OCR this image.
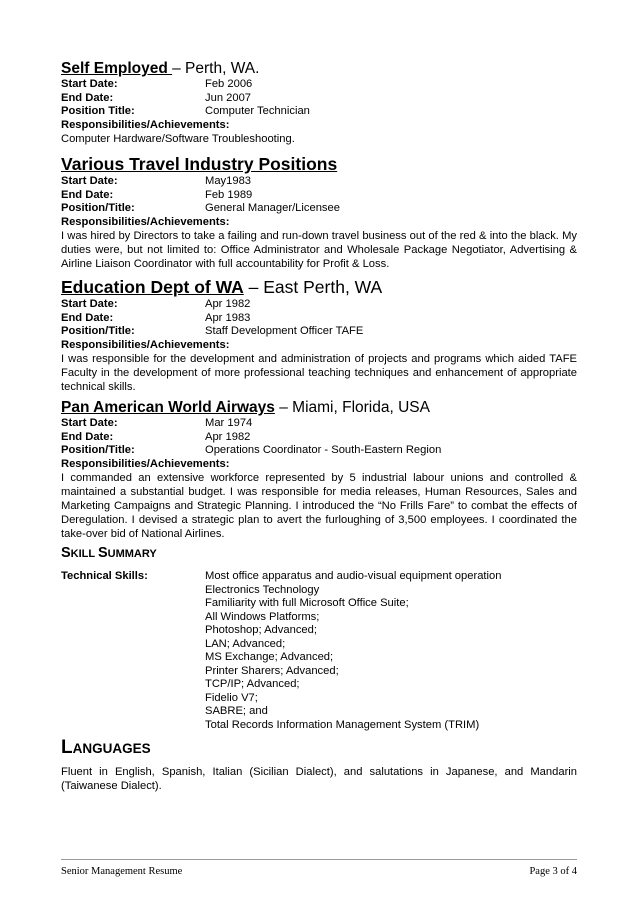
Self Employed – Perth, WA.
Start Date:	Feb 2006
End Date:	Jun 2007
Position Title:	Computer Technician
Responsibilities/Achievements:

Computer Hardware/Software Troubleshooting.

Various Travel Industry Positions
Start Date:	May1983
End Date:	Feb 1989
Position/Title:	General Manager/Licensee
Responsibilities/Achievements:

I was hired by Directors to take a failing and run-down travel business out of the red & into the black. My duties were, but not limited to: Office Administrator and Wholesale Package Negotiator, Advertising & Airline Liaison Coordinator with full accountability for Profit & Loss.

Education Dept of WA – East Perth, WA
Start Date:	Apr 1982
End Date:	Apr 1983
Position/Title:	Staff Development Officer TAFE
Responsibilities/Achievements:

I was responsible for the development and administration of projects and programs which aided TAFE Faculty in the development of more professional teaching techniques and enhancement of appropriate technical skills.

Pan American World Airways – Miami, Florida, USA
Start Date:	Mar 1974
End Date:	Apr 1982
Position/Title:	Operations Coordinator - South-Eastern Region
Responsibilities/Achievements:

I commanded an extensive workforce represented by 5 industrial labour unions and controlled & maintained a substantial budget. I was responsible for media releases, Human Resources, Sales and Marketing Campaigns and Strategic Planning. I introduced the “No Frills Fare” to combat the effects of Deregulation. I devised a strategic plan to avert the furloughing of 3,500 employees. I coordinated the take-over bid of National Airlines.

SKILL SUMMARY
Technical Skills:	Most office apparatus and audio-visual equipment operation
Electronics Technology
Familiarity with full Microsoft Office Suite;
All Windows Platforms;
Photoshop; Advanced;
LAN; Advanced;
MS Exchange; Advanced;
Printer Sharers; Advanced;
TCP/IP; Advanced;
Fidelio V7;
SABRE; and
Total Records Information Management System (TRIM)
LANGUAGES

Fluent in English, Spanish, Italian (Sicilian Dialect), and salutations in Japanese, and Mandarin (Taiwanese Dialect).

Senior Management Resume	Page 3 of 4
